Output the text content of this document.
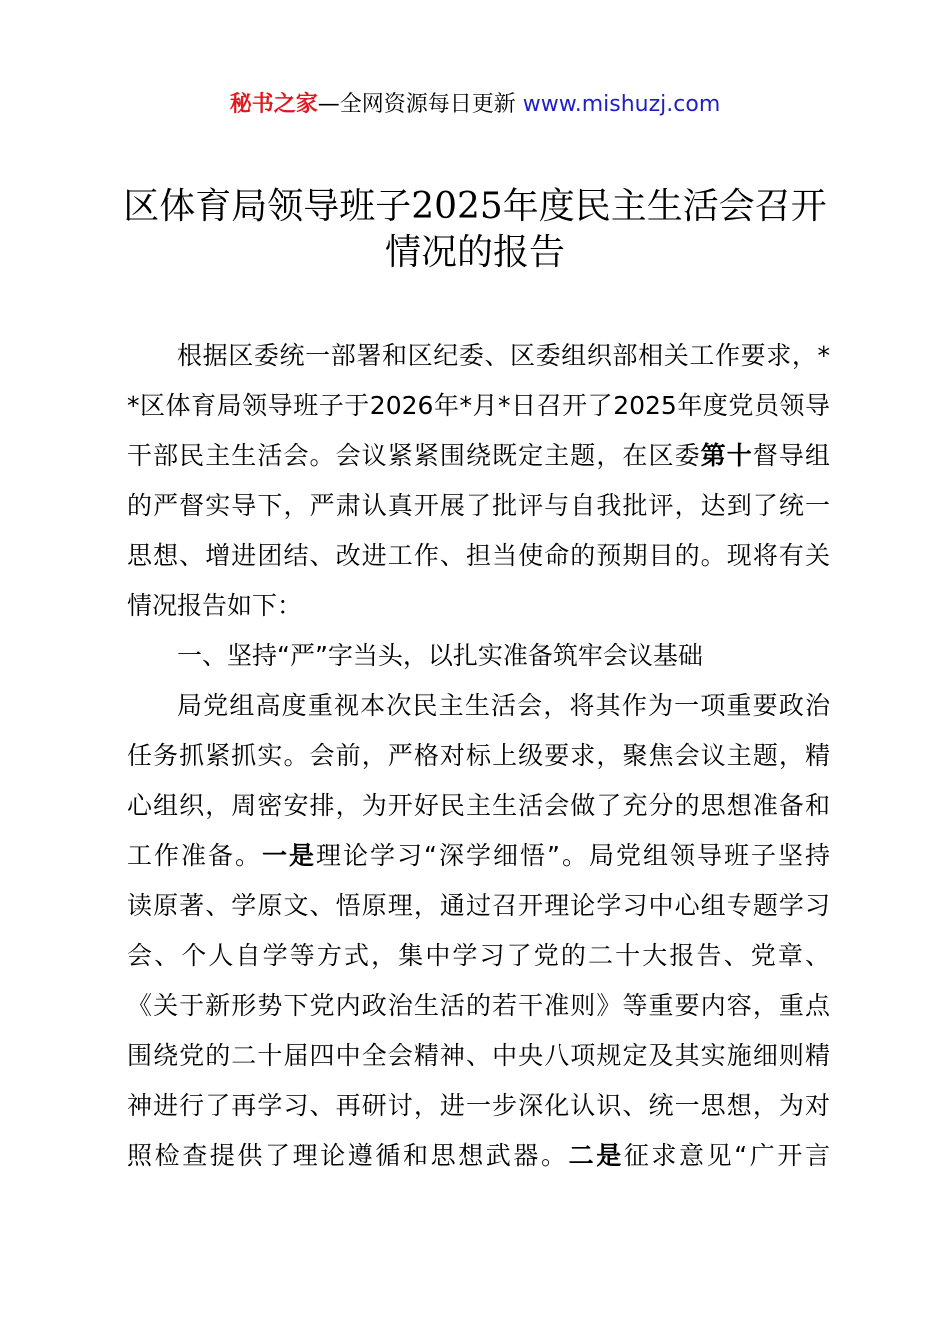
秘书之家—全网资源每日更新 www.mishuzj.com
区体育局领导班子2025年度民主生活会召开
情况的报告
根据区委统一部署和区纪委、区委组织部相关工作要求，*
*区体育局领导班子于2026年*月*日召开了2025年度党员领导
干部民主生活会。会议紧紧围绕既定主题，在区委第十督导组
的严督实导下，严肃认真开展了批评与自我批评，达到了统一
思想、增进团结、改进工作、担当使命的预期目的。现将有关
情况报告如下：
一、坚持“严”字当头，以扎实准备筑牢会议基础
局党组高度重视本次民主生活会，将其作为一项重要政治
任务抓紧抓实。会前，严格对标上级要求，聚焦会议主题，精
心组织，周密安排，为开好民主生活会做了充分的思想准备和
工作准备。一是理论学习“深学细悟”。局党组领导班子坚持
读原著、学原文、悟原理，通过召开理论学习中心组专题学习
会、个人自学等方式，集中学习了党的二十大报告、党章、
《关于新形势下党内政治生活的若干准则》等重要内容，重点
围绕党的二十届四中全会精神、中央八项规定及其实施细则精
神进行了再学习、再研讨，进一步深化认识、统一思想，为对
照检查提供了理论遵循和思想武器。二是征求意见“广开言
